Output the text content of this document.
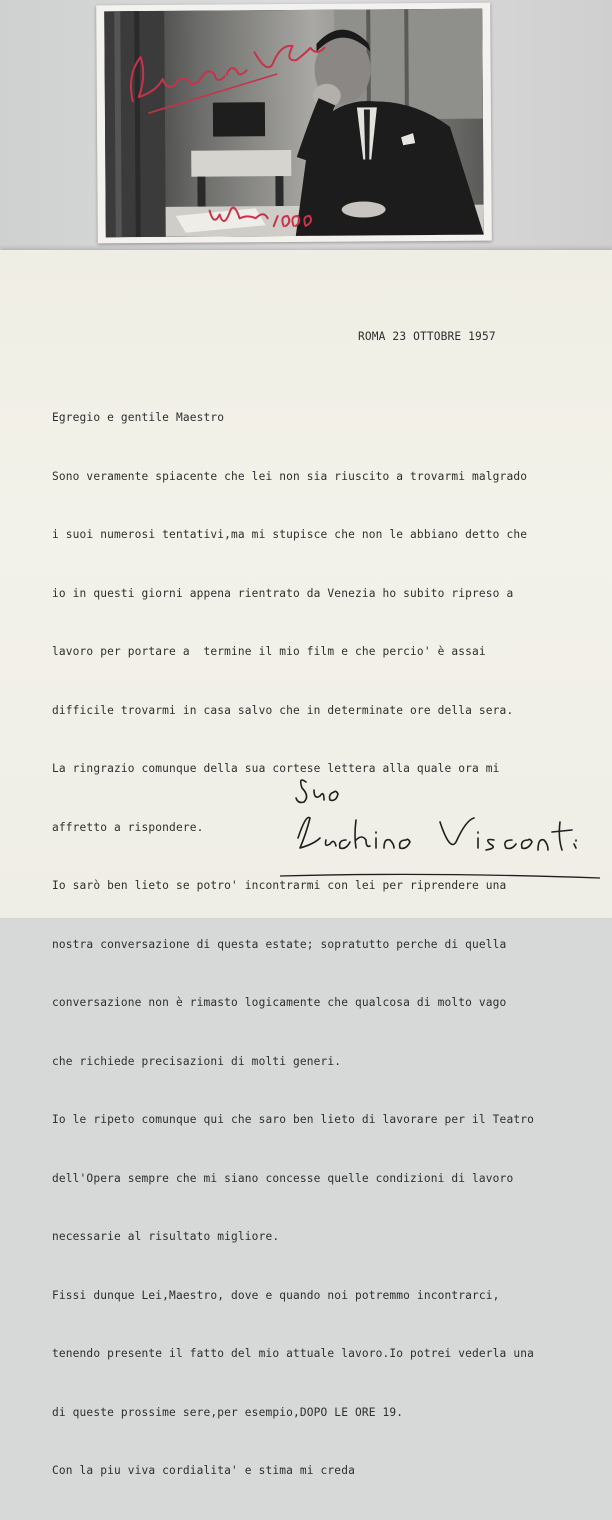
ROMA 23 OTTOBRE 1957

Egregio e gentile Maestro

Sono veramente spiacente che lei non sia riuscito a trovarmi malgrado

i suoi numerosi tentativi,ma mi stupisce che non le abbiano detto che

io in questi giorni appena rientrato da Venezia ho subito ripreso a

lavoro per portare a  termine il mio film e che percio' è assai

difficile trovarmi in casa salvo che in determinate ore della sera.

La ringrazio comunque della sua cortese lettera alla quale ora mi

affretto a rispondere.

Io sarò ben lieto se potro' incontrarmi con lei per riprendere una

nostra conversazione di questa estate; sopratutto perche di quella

conversazione non è rimasto logicamente che qualcosa di molto vago

che richiede precisazioni di molti generi.

Io le ripeto comunque qui che saro ben lieto di lavorare per il Teatro

dell'Opera sempre che mi siano concesse quelle condizioni di lavoro

necessarie al risultato migliore.

Fissi dunque Lei,Maestro, dove e quando noi potremmo incontrarci,

tenendo presente il fatto del mio attuale lavoro.Io potrei vederla una

di queste prossime sere,per esempio,DOPO LE ORE 19.

Con la piu viva cordialita' e stima mi creda
